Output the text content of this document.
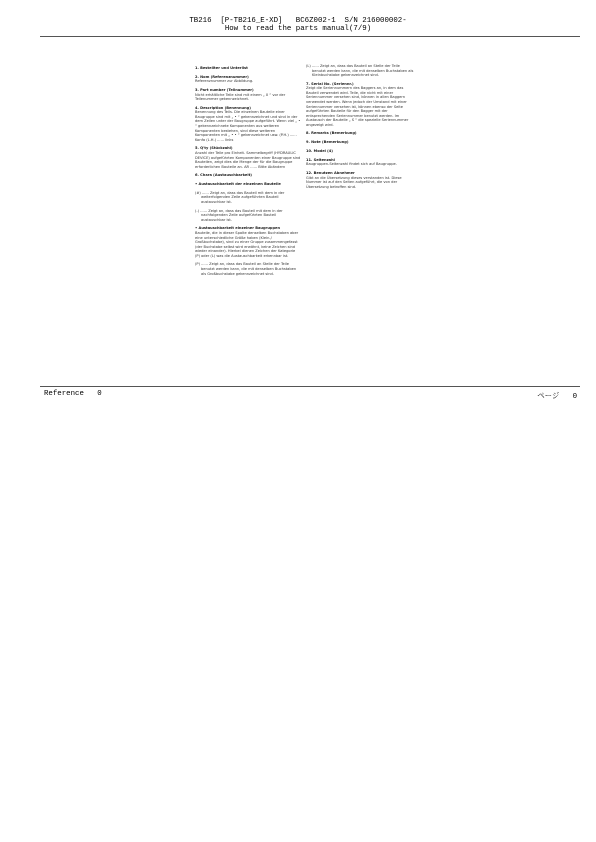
TB216  [P-TB216_E-XD]   BC6Z002-1  S/N 216000002-
How to read the parts manual(7/9)
1. Bestellter und Unterlist
2. Nom (Referenznummer)
Referenznummer zur Abbildung.
3. Part number (Teilnummer)
Nicht erhältliche Teile sind mit einem „ X “ vor der Teilenummer gekennzeichnet.
4. Description (Benennung)
Benennung des Teils. Die einzelnen Bauteile einer Baugruppe sind mit „ • “ gekennzeichnet und sind in der dem Zeilen unter der Baugruppe aufgeführt. Wenn viel „ • “ gekennzeichnete Komponenten aus weiteren Komponenten bestehen, sind diese weiteren Komponenten mit „ • • “ gekennzeichnet usw. (P.H.) ...... Konfa (L.H.) ...... links
5. Q'ty (Stückzahl)
Anzahl der Teile pro Einheit. Sammelbegriff (HYDRAULIC DEVICE) aufgeführten Komponenten einer Baugruppe sind Bauteilen, zeigt dies die Menge der für die Baugruppe erforderlichen Bauteile an. AR ...... Bitte Abändern
6. Chara (Austauschbarkeit)
• Austauschbarkeit der einzelnen Bauteile
(#) ...... Zeigt an, dass das Bauteil mit dem in der weiterfolgenden Zeile aufgeführten Bauteil austauschbar ist.
(-) ...... Zeigt an, dass das Bauteil mit dem in der nachfolgenden Zeile aufgeführten Bauteil austauschbar ist.
• Austauschbarkeit einzelner Baugruppen
Bauteile, die in dieser Spalte denselben Buchstaben aber eine unterschiedliche Größe haben (Klein-/ Großbuchstabe), sind zu einer Gruppe zusammengefasst (der Buchstabe selbst wird erwähnt, keine Zeichen sind wieder einander). Hierbei dienen Zeichen der Kategorie (P) oder (L) was die Austauschbarkeit erkennbar ist.
(P) ...... Zeigt an, dass das Bauteil an Stelle der Teile benutzt werden kann, die mit denselben Buchstaben als Großbuchstabe gekennzeichnet sind.
(L) ...... Zeigt an, dass das Bauteil an Stelle der Teile benutzt werden kann, die mit denselben Buchstaben als Kleinbuchstabe gekennzeichnet sind.
7. Serial No. (Seriennr.)
Zeigt die Seriennummern des Baggers an, in dem das Bauteil verwendet wird. Teile, die nicht mit einer Seriennummer versehen sind, können in allen Baggern verwendet werden. Wenn jedoch der Umstand mit einer Seriennummer versehen ist, können ebenso der Seite aufgeführten Bauteile für den Bagger mit der entsprechenden Seriennummer benutzt werden. Im Austausch der Bauteile „ S “ die spezielle Seriennummer angezeigt wird.
8. Remarks (Bemerkung)
9. Note (Bemerkung)
10. Model (4)
11. Seitenzahl
Baugruppen-Seitenzahl findet sich auf Baugruppe.
12. Benutzen Abnehmer
Gibt an die Übersetzung dieses verstanden ist. Diese Nummer ist auf den Seiten aufgeführt, die von der Übersetzung betroffen sind.
Reference 0	ページ 0
